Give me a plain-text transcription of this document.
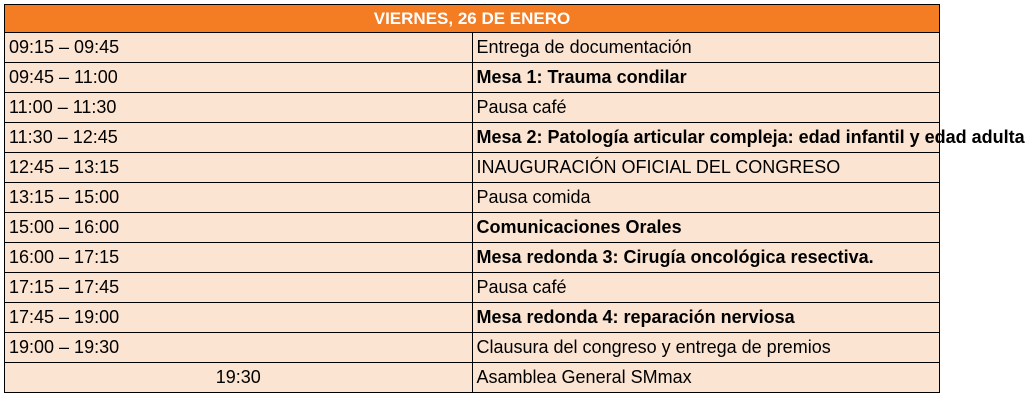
VIERNES, 26 DE ENERO	
09:15 – 09:45	Entrega de documentación
09:45 – 11:00	Mesa 1: Trauma condilar
11:00 – 11:30	Pausa café
11:30 – 12:45	Mesa 2: Patología articular compleja: edad infantil y edad adulta
12:45 – 13:15	INAUGURACIÓN OFICIAL DEL CONGRESO
13:15 – 15:00	Pausa comida
15:00 – 16:00	Comunicaciones Orales
16:00 – 17:15	Mesa redonda 3: Cirugía oncológica resectiva.
17:15 – 17:45	Pausa café
17:45 – 19:00	Mesa redonda 4: reparación nerviosa
19:00 – 19:30	Clausura del congreso y entrega de premios
19:30	Asamblea General SMmax
